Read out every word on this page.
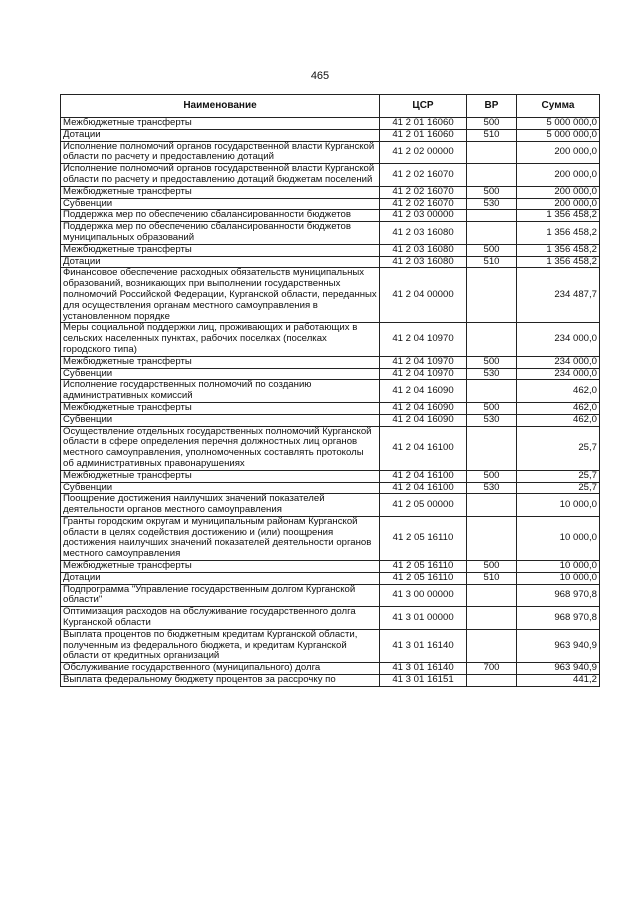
465
Наименование	ЦСР	ВР	Сумма
Межбюджетные трансферты	41 2 01 16060	500	5 000 000,0
Дотации	41 2 01 16060	510	5 000 000,0
Исполнение полномочий органов государственной власти Курганской области по расчету и предоставлению дотаций	41 2 02 00000		200 000,0
Исполнение полномочий органов государственной власти Курганской области по расчету и предоставлению дотаций бюджетам поселений	41 2 02 16070		200 000,0
Межбюджетные трансферты	41 2 02 16070	500	200 000,0
Субвенции	41 2 02 16070	530	200 000,0
Поддержка мер по обеспечению сбалансированности бюджетов	41 2 03 00000		1 356 458,2
Поддержка мер по обеспечению сбалансированности бюджетов муниципальных образований	41 2 03 16080		1 356 458,2
Межбюджетные трансферты	41 2 03 16080	500	1 356 458,2
Дотации	41 2 03 16080	510	1 356 458,2
Финансовое обеспечение расходных обязательств муниципальных образований, возникающих при выполнении государственных полномочий Российской Федерации, Курганской области, переданных для осуществления органам местного самоуправления в установленном порядке	41 2 04 00000		234 487,7
Меры социальной поддержки лиц, проживающих и работающих в сельских населенных пунктах, рабочих поселках (поселках городского типа)	41 2 04 10970		234 000,0
Межбюджетные трансферты	41 2 04 10970	500	234 000,0
Субвенции	41 2 04 10970	530	234 000,0
Исполнение государственных полномочий по созданию административных комиссий	41 2 04 16090		462,0
Межбюджетные трансферты	41 2 04 16090	500	462,0
Субвенции	41 2 04 16090	530	462,0
Осуществление отдельных государственных полномочий Курганской области в сфере определения перечня должностных лиц органов местного самоуправления, уполномоченных составлять протоколы об административных правонарушениях	41 2 04 16100		25,7
Межбюджетные трансферты	41 2 04 16100	500	25,7
Субвенции	41 2 04 16100	530	25,7
Поощрение достижения наилучших значений показателей деятельности органов местного самоуправления	41 2 05 00000		10 000,0
Гранты городским округам и муниципальным районам Курганской области в целях содействия достижению и (или) поощрения достижения наилучших значений показателей деятельности органов местного самоуправления	41 2 05 16110		10 000,0
Межбюджетные трансферты	41 2 05 16110	500	10 000,0
Дотации	41 2 05 16110	510	10 000,0
Подпрограмма "Управление государственным долгом Курганской области"	41 3 00 00000		968 970,8
Оптимизация расходов на обслуживание государственного долга Курганской области	41 3 01 00000		968 970,8
Выплата процентов по бюджетным кредитам Курганской области, полученным из федерального бюджета, и кредитам Курганской области от кредитных организаций	41 3 01 16140		963 940,9
Обслуживание государственного (муниципального) долга	41 3 01 16140	700	963 940,9
Выплата федеральному бюджету процентов за рассрочку по	41 3 01 16151		441,2
